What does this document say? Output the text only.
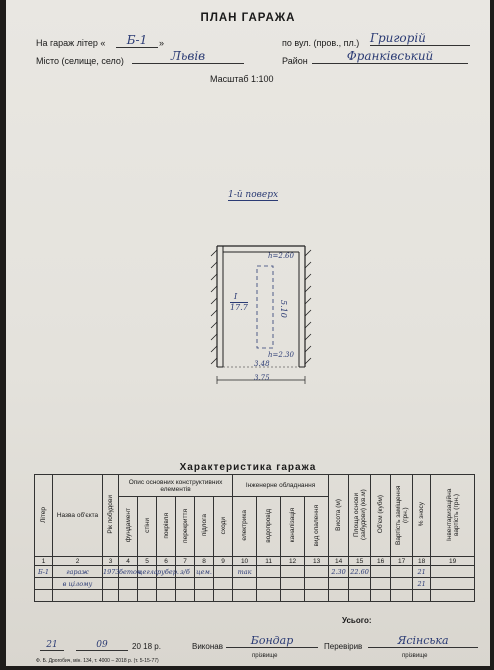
ПЛАН ГАРАЖА
На гараж літер «	Б-1	»	по вул. (пров., пл.) Григорій
Місто (селище, село)	Львів	Район	Франківський
Масштаб 1:100
1-й поверх
h=2.60
I
17.7	5.10
h=2.30
3.48
3.75
Характеристика гаража
Літер	Назва об'єкта	Рік побудови	Опис основних конструктивних елементів						Інженерне обладнання				Висота (м)	Площа основи (забудови) (кв.м)	Об'єм (кубм)	Вартість заміщення (грн.)	% зносу	Інвентаризаційна вартість (грн.)
			фундамент	стіни	покрівля	перекриття	підлога	сходи	електрика	водопровід	каналізація	вид опалення						
1	2	3	4	5	6	7	8	9	10	11	12	13	14	15	16	17	18	19
Б-1	гараж	1973	бетон	цегла	рубер.	з/б	цем.		так				2.30	22.60			21	
	в цілому																21	

Усього:
21	09	20 18 р.	Виконав	Бондар
прізвище
Перевірив	Ясінська
прізвище
Ф. Б. Дрогобич, мін. 134, т. 4000 – 2018 р. (т. 5-15-77)
